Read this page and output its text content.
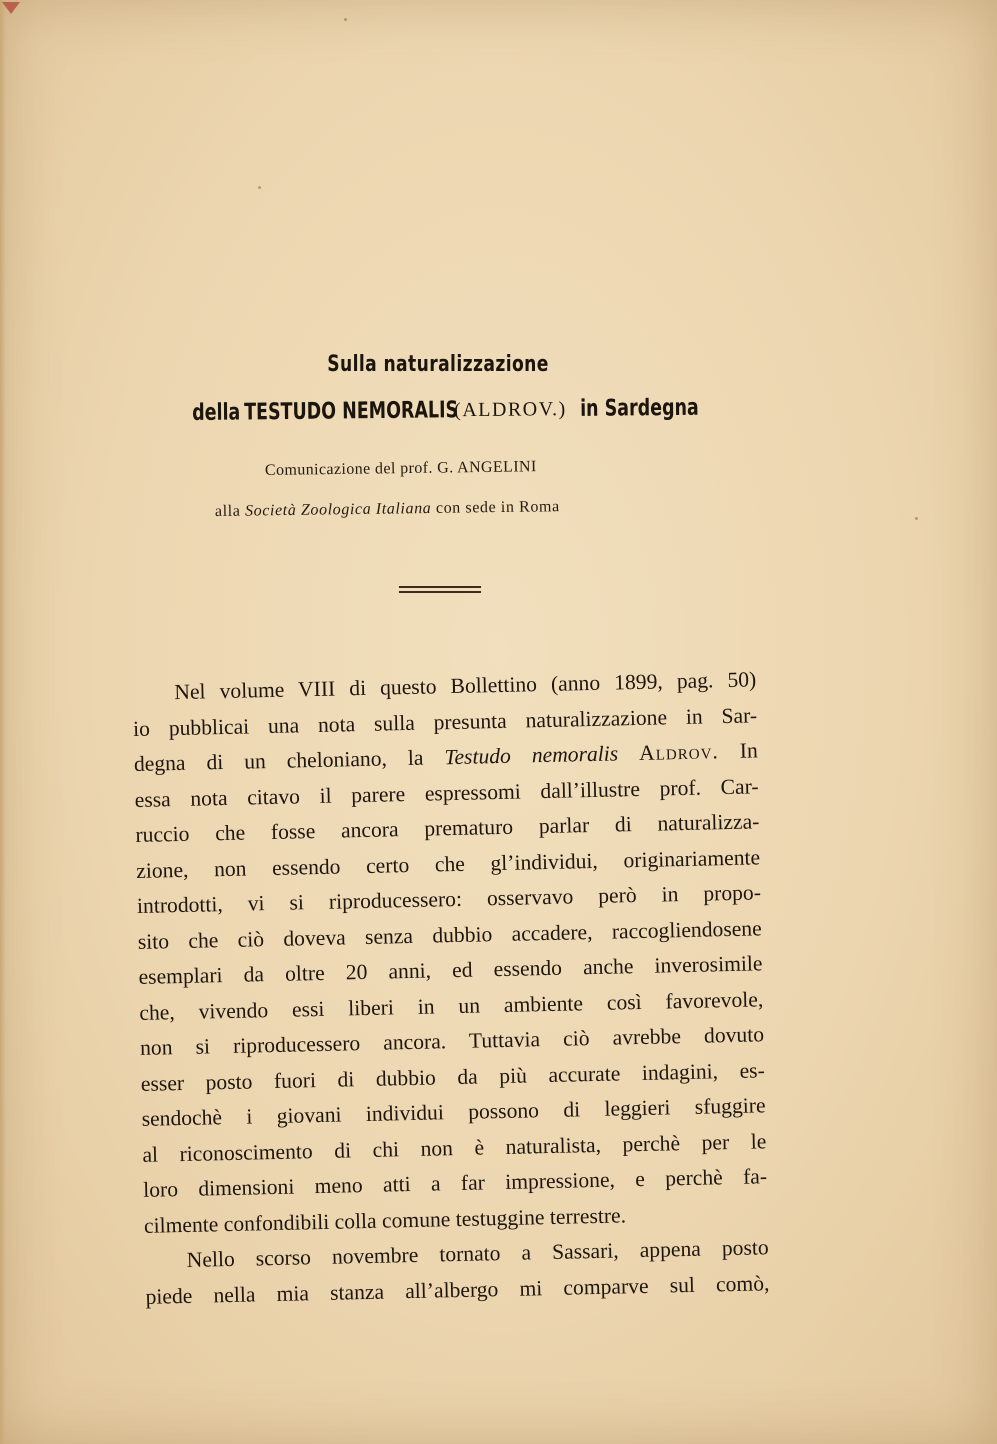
Sulla naturalizzazione
della TESTUDO NEMORALIS
(ALDROV.) in Sardegna
Comunicazione del prof. G. ANGELINI
alla Società Zoologica Italiana con sede in Roma
Nel volume VIII di questo Bollettino (anno 1899, pag. 50)
io pubblicai una nota sulla presunta naturalizzazione in Sar-
degna di un cheloniano, la Testudo nemoralis Aldrov. In
essa nota citavo il parere espressomi dall’illustre prof. Car-
ruccio che fosse ancora prematuro parlar di naturalizza-
zione, non essendo certo che gl’individui, originariamente
introdotti, vi si riproducessero: osservavo però in propo-
sito che ciò doveva senza dubbio accadere, raccogliendosene
esemplari da oltre 20 anni, ed essendo anche inverosimile
che, vivendo essi liberi in un ambiente così favorevole,
non si riproducessero ancora. Tuttavia ciò avrebbe dovuto
esser posto fuori di dubbio da più accurate indagini, es-
sendochè i giovani individui possono di leggieri sfuggire
al riconoscimento di chi non è naturalista, perchè per le
loro dimensioni meno atti a far impressione, e perchè fa-
cilmente confondibili colla comune testuggine terrestre.
Nello scorso novembre tornato a Sassari, appena posto
piede nella mia stanza all’albergo mi comparve sul comò,
